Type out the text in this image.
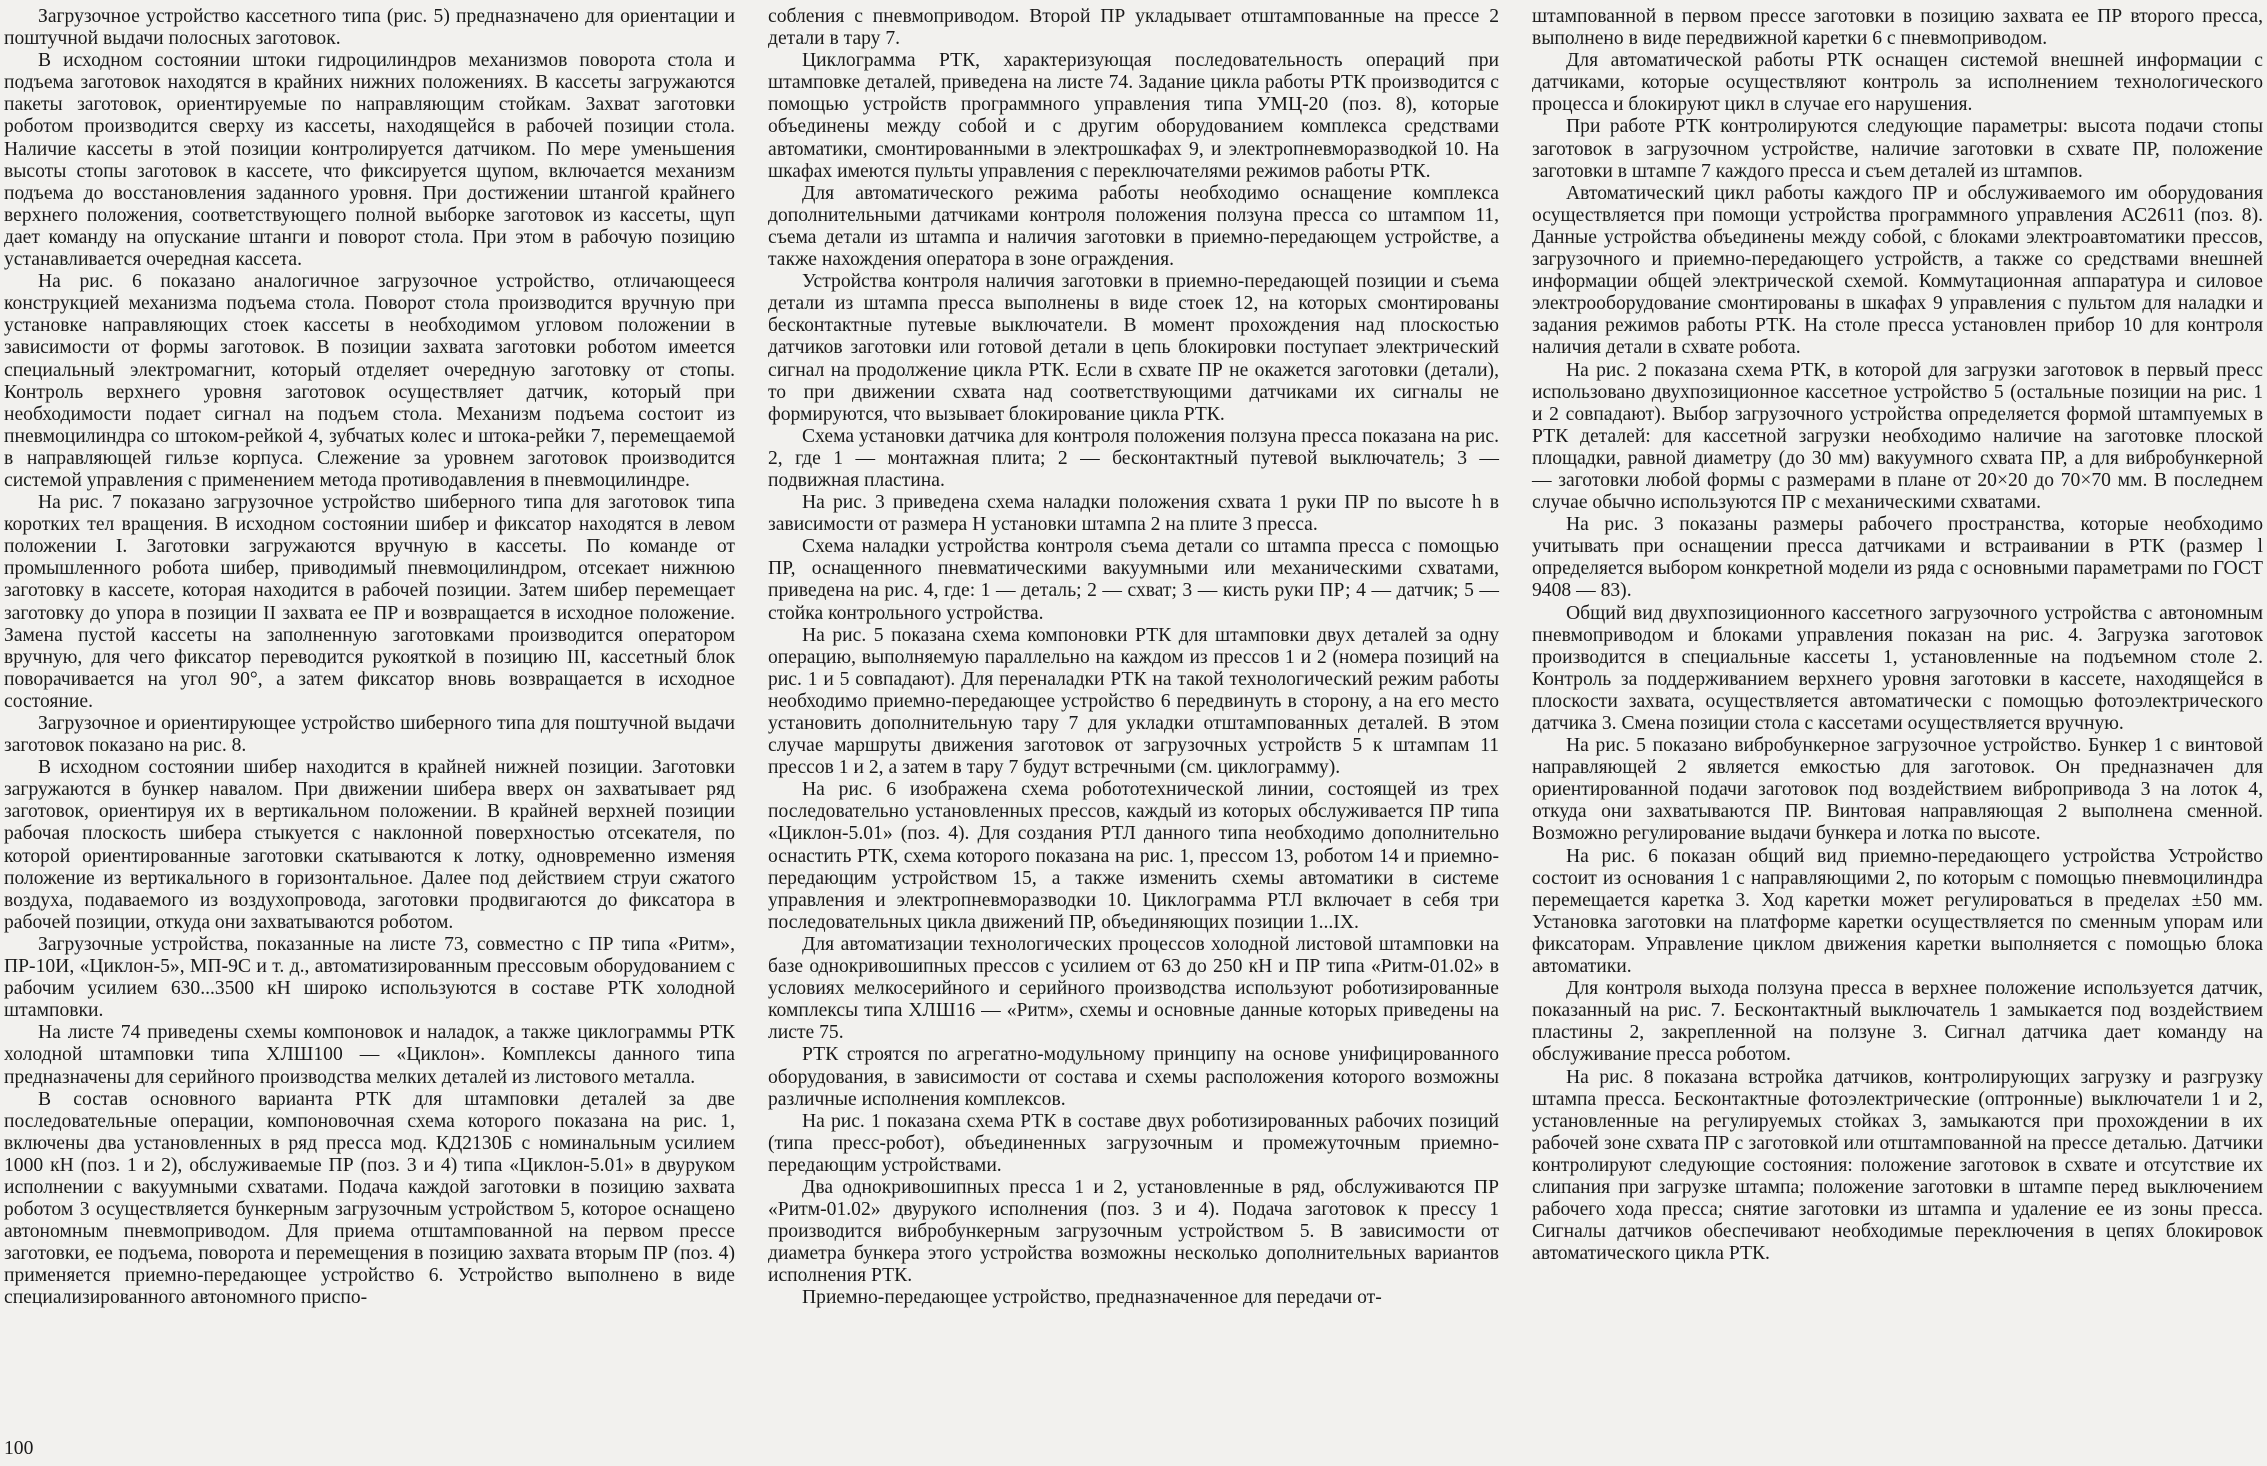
Загрузочное устройство кассетного типа (рис. 5) предназначено для ориентации и поштучной выдачи полосных заготовок.

В исходном состоянии штоки гидроцилиндров механизмов поворота стола и подъема заготовок находятся в крайних нижних положениях. В кассеты загружаются пакеты заготовок, ориентируемые по направляющим стойкам. Захват заготовки роботом производится сверху из кассеты, находящейся в рабочей позиции стола. Наличие кассеты в этой позиции контролируется датчиком. По мере уменьшения высоты стопы заготовок в кассете, что фиксируется щупом, включается механизм подъема до восстановления заданного уровня. При достижении штангой крайнего верхнего положения, соответствующего полной выборке заготовок из кассеты, щуп дает команду на опускание штанги и поворот стола. При этом в рабочую позицию устанавливается очередная кассета.

На рис. 6 показано аналогичное загрузочное устройство, отличающееся конструкцией механизма подъема стола. Поворот стола производится вручную при установке направляющих стоек кассеты в необходимом угловом положении в зависимости от формы заготовок. В позиции захвата заготовки роботом имеется специальный электромагнит, который отделяет очередную заготовку от стопы. Контроль верхнего уровня заготовок осуществляет датчик, который при необходимости подает сигнал на подъем стола. Механизм подъема состоит из пневмоцилиндра со штоком-рейкой 4, зубчатых колес и штока-рейки 7, перемещаемой в направляющей гильзе корпуса. Слежение за уровнем заготовок производится системой управления с применением метода противодавления в пневмоцилиндре.

На рис. 7 показано загрузочное устройство шиберного типа для заготовок типа коротких тел вращения. В исходном состоянии шибер и фиксатор находятся в левом положении I. Заготовки загружаются вручную в кассеты. По команде от промышленного робота шибер, приводимый пневмоцилиндром, отсекает нижнюю заготовку в кассете, которая находится в рабочей позиции. Затем шибер перемещает заготовку до упора в позиции II захвата ее ПР и возвращается в исходное положение. Замена пустой кассеты на заполненную заготовками производится оператором вручную, для чего фиксатор переводится рукояткой в позицию III, кассетный блок поворачивается на угол 90°, а затем фиксатор вновь возвращается в исходное состояние.

Загрузочное и ориентирующее устройство шиберного типа для поштучной выдачи заготовок показано на рис. 8.

В исходном состоянии шибер находится в крайней нижней позиции. Заготовки загружаются в бункер навалом. При движении шибера вверх он захватывает ряд заготовок, ориентируя их в вертикальном положении. В крайней верхней позиции рабочая плоскость шибера стыкуется с наклонной поверхностью отсекателя, по которой ориентированные заготовки скатываются к лотку, одновременно изменяя положение из вертикального в горизонтальное. Далее под действием струи сжатого воздуха, подаваемого из воздухопровода, заготовки продвигаются до фиксатора в рабочей позиции, откуда они захватываются роботом.

Загрузочные устройства, показанные на листе 73, совместно с ПР типа «Ритм», ПР-10И, «Циклон-5», МП-9С и т. д., автоматизированным прессовым оборудованием с рабочим усилием 630...3500 кН широко используются в составе РТК холодной штамповки.

На листе 74 приведены схемы компоновок и наладок, а также циклограммы РТК холодной штамповки типа ХЛШ100 — «Циклон». Комплексы данного типа предназначены для серийного производства мелких деталей из листового металла.

В состав основного варианта РТК для штамповки деталей за две последовательные операции, компоновочная схема которого показана на рис. 1, включены два установленных в ряд пресса мод. КД2130Б с номинальным усилием 1000 кН (поз. 1 и 2), обслуживаемые ПР (поз. 3 и 4) типа «Циклон-5.01» в двуруком исполнении с вакуумными схватами. Подача каждой заготовки в позицию захвата роботом 3 осуществляется бункерным загрузочным устройством 5, которое оснащено автономным пневмоприводом. Для приема отштампованной на первом прессе заготовки, ее подъема, поворота и перемещения в позицию захвата вторым ПР (поз. 4) применяется приемно-передающее устройство 6. Устройство выполнено в виде специализированного автономного приспо-

собления с пневмоприводом. Второй ПР укладывает отштампованные на прессе 2 детали в тару 7.

Циклограмма РТК, характеризующая последовательность операций при штамповке деталей, приведена на листе 74. Задание цикла работы РТК производится с помощью устройств программного управления типа УМЦ-20 (поз. 8), которые объединены между собой и с другим оборудованием комплекса средствами автоматики, смонтированными в электрошкафах 9, и электропневморазводкой 10. На шкафах имеются пульты управления с переключателями режимов работы РТК.

Для автоматического режима работы необходимо оснащение комплекса дополнительными датчиками контроля положения ползуна пресса со штампом 11, съема детали из штампа и наличия заготовки в приемно-передающем устройстве, а также нахождения оператора в зоне ограждения.

Устройства контроля наличия заготовки в приемно-передающей позиции и съема детали из штампа пресса выполнены в виде стоек 12, на которых смонтированы бесконтактные путевые выключатели. В момент прохождения над плоскостью датчиков заготовки или готовой детали в цепь блокировки поступает электрический сигнал на продолжение цикла РТК. Если в схвате ПР не окажется заготовки (детали), то при движении схвата над соответствующими датчиками их сигналы не формируются, что вызывает блокирование цикла РТК.

Схема установки датчика для контроля положения ползуна пресса показана на рис. 2, где 1 — монтажная плита; 2 — бесконтактный путевой выключатель; 3 — подвижная пластина.

На рис. 3 приведена схема наладки положения схвата 1 руки ПР по высоте h в зависимости от размера H установки штампа 2 на плите 3 пресса.

Схема наладки устройства контроля съема детали со штампа пресса с помощью ПР, оснащенного пневматическими вакуумными или механическими схватами, приведена на рис. 4, где: 1 — деталь; 2 — схват; 3 — кисть руки ПР; 4 — датчик; 5 — стойка контрольного устройства.

На рис. 5 показана схема компоновки РТК для штамповки двух деталей за одну операцию, выполняемую параллельно на каждом из прессов 1 и 2 (номера позиций на рис. 1 и 5 совпадают). Для переналадки РТК на такой технологический режим работы необходимо приемно-передающее устройство 6 передвинуть в сторону, а на его место установить дополнительную тару 7 для укладки отштампованных деталей. В этом случае маршруты движения заготовок от загрузочных устройств 5 к штампам 11 прессов 1 и 2, а затем в тару 7 будут встречными (см. циклограмму).

На рис. 6 изображена схема робототехнической линии, состоящей из трех последовательно установленных прессов, каждый из которых обслуживается ПР типа «Циклон-5.01» (поз. 4). Для создания РТЛ данного типа необходимо дополнительно оснастить РТК, схема которого показана на рис. 1, прессом 13, роботом 14 и приемно-передающим устройством 15, а также изменить схемы автоматики в системе управления и электропневморазводки 10. Циклограмма РТЛ включает в себя три последовательных цикла движений ПР, объединяющих позиции 1...IX.

Для автоматизации технологических процессов холодной листовой штамповки на базе однокривошипных прессов с усилием от 63 до 250 кН и ПР типа «Ритм-01.02» в условиях мелкосерийного и серийного производства используют роботизированные комплексы типа ХЛШ16 — «Ритм», схемы и основные данные которых приведены на листе 75.

РТК строятся по агрегатно-модульному принципу на основе унифицированного оборудования, в зависимости от состава и схемы расположения которого возможны различные исполнения комплексов.

На рис. 1 показана схема РТК в составе двух роботизированных рабочих позиций (типа пресс-робот), объединенных загрузочным и промежуточным приемно-передающим устройствами.

Два однокривошипных пресса 1 и 2, установленные в ряд, обслуживаются ПР «Ритм-01.02» двурукого исполнения (поз. 3 и 4). Подача заготовок к прессу 1 производится вибробункерным загрузочным устройством 5. В зависимости от диаметра бункера этого устройства возможны несколько дополнительных вариантов исполнения РТК.

Приемно-передающее устройство, предназначенное для передачи от-

штампованной в первом прессе заготовки в позицию захвата ее ПР второго пресса, выполнено в виде передвижной каретки 6 с пневмоприводом.

Для автоматической работы РТК оснащен системой внешней информации с датчиками, которые осуществляют контроль за исполнением технологического процесса и блокируют цикл в случае его нарушения.

При работе РТК контролируются следующие параметры: высота подачи стопы заготовок в загрузочном устройстве, наличие заготовки в схвате ПР, положение заготовки в штампе 7 каждого пресса и съем деталей из штампов.

Автоматический цикл работы каждого ПР и обслуживаемого им оборудования осуществляется при помощи устройства программного управления АС2611 (поз. 8). Данные устройства объединены между собой, с блоками электроавтоматики прессов, загрузочного и приемно-передающего устройств, а также со средствами внешней информации общей электрической схемой. Коммутационная аппаратура и силовое электрооборудование смонтированы в шкафах 9 управления с пультом для наладки и задания режимов работы РТК. На столе пресса установлен прибор 10 для контроля наличия детали в схвате робота.

На рис. 2 показана схема РТК, в которой для загрузки заготовок в первый пресс использовано двухпозиционное кассетное устройство 5 (остальные позиции на рис. 1 и 2 совпадают). Выбор загрузочного устройства определяется формой штампуемых в РТК деталей: для кассетной загрузки необходимо наличие на заготовке плоской площадки, равной диаметру (до 30 мм) вакуумного схвата ПР, а для вибробункерной — заготовки любой формы с размерами в плане от 20×20 до 70×70 мм. В последнем случае обычно используются ПР с механическими схватами.

На рис. 3 показаны размеры рабочего пространства, которые необходимо учитывать при оснащении пресса датчиками и встраивании в РТК (размер l определяется выбором конкретной модели из ряда с основными параметрами по ГОСТ 9408 — 83).

Общий вид двухпозиционного кассетного загрузочного устройства с автономным пневмоприводом и блоками управления показан на рис. 4. Загрузка заготовок производится в специальные кассеты 1, установленные на подъемном столе 2. Контроль за поддерживанием верхнего уровня заготовки в кассете, находящейся в плоскости захвата, осуществляется автоматически с помощью фотоэлектрического датчика 3. Смена позиции стола с кассетами осуществляется вручную.

На рис. 5 показано вибробункерное загрузочное устройство. Бункер 1 с винтовой направляющей 2 является емкостью для заготовок. Он предназначен для ориентированной подачи заготовок под воздействием вибропривода 3 на лоток 4, откуда они захватываются ПР. Винтовая направляющая 2 выполнена сменной. Возможно регулирование выдачи бункера и лотка по высоте.

На рис. 6 показан общий вид приемно-передающего устройства Устройство состоит из основания 1 с направляющими 2, по которым с помощью пневмоцилиндра перемещается каретка 3. Ход каретки может регулироваться в пределах ±50 мм. Установка заготовки на платформе каретки осуществляется по сменным упорам или фиксаторам. Управление циклом движения каретки выполняется с помощью блока автоматики.

Для контроля выхода ползуна пресса в верхнее положение используется датчик, показанный на рис. 7. Бесконтактный выключатель 1 замыкается под воздействием пластины 2, закрепленной на ползуне 3. Сигнал датчика дает команду на обслуживание пресса роботом.

На рис. 8 показана встройка датчиков, контролирующих загрузку и разгрузку штампа пресса. Бесконтактные фотоэлектрические (оптронные) выключатели 1 и 2, установленные на регулируемых стойках 3, замыкаются при прохождении в их рабочей зоне схвата ПР с заготовкой или отштампованной на прессе деталью. Датчики контролируют следующие состояния: положение заготовок в схвате и отсутствие их слипания при загрузке штампа; положение заготовки в штампе перед выключением рабочего хода пресса; снятие заготовки из штампа и удаление ее из зоны пресса. Сигналы датчиков обеспечивают необходимые переключения в цепях блокировок автоматического цикла РТК.

100
